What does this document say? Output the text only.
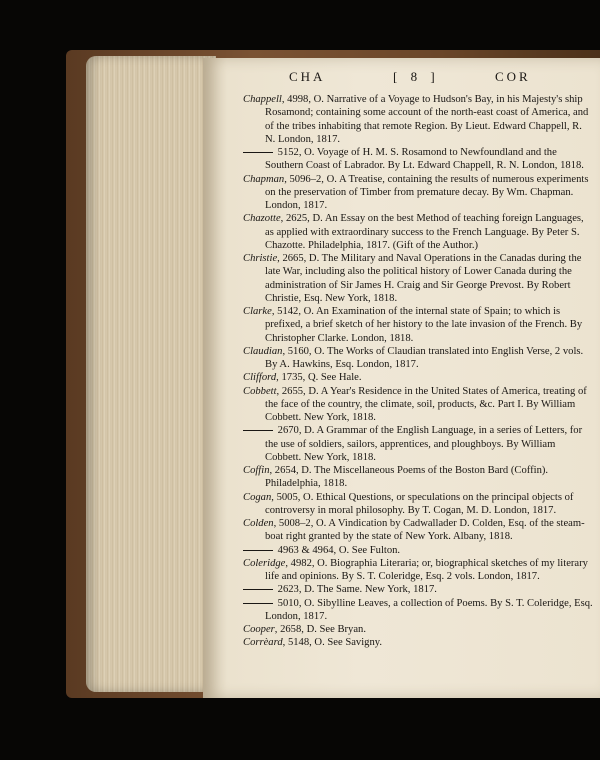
CHA	[ 8 ]	COR
Chappell, 4998, O. Narrative of a Voyage to Hudson's Bay, in his Majesty's ship Rosamond; containing some account of the north-east coast of America, and of the tribes inhabiting that remote Region. By Lieut. Edward Chappell, R. N. London, 1817.
5152, O. Voyage of H. M. S. Rosamond to Newfoundland and the Southern Coast of Labrador. By Lt. Edward Chappell, R. N. London, 1818.
Chapman, 5096–2, O. A Treatise, containing the results of numerous experiments on the preservation of Timber from premature decay. By Wm. Chapman. London, 1817.
Chazotte, 2625, D. An Essay on the best Method of teaching foreign Languages, as applied with extraordinary success to the French Language. By Peter S. Chazotte. Philadelphia, 1817. (Gift of the Author.)
Christie, 2665, D. The Military and Naval Operations in the Canadas during the late War, including also the political history of Lower Canada during the administration of Sir James H. Craig and Sir George Prevost. By Robert Christie, Esq. New York, 1818.
Clarke, 5142, O. An Examination of the internal state of Spain; to which is prefixed, a brief sketch of her history to the late invasion of the French. By Christopher Clarke. London, 1818.
Claudian, 5160, O. The Works of Claudian translated into English Verse, 2 vols. By A. Hawkins, Esq. London, 1817.
Clifford, 1735, Q. See Hale.
Cobbett, 2655, D. A Year's Residence in the United States of America, treating of the face of the country, the climate, soil, products, &c. Part I. By William Cobbett. New York, 1818.
2670, D. A Grammar of the English Language, in a series of Letters, for the use of soldiers, sailors, apprentices, and ploughboys. By William Cobbett. New York, 1818.
Coffin, 2654, D. The Miscellaneous Poems of the Boston Bard (Coffin). Philadelphia, 1818.
Cogan, 5005, O. Ethical Questions, or speculations on the principal objects of controversy in moral philosophy. By T. Cogan, M. D. London, 1817.
Colden, 5008–2, O. A Vindication by Cadwallader D. Colden, Esq. of the steam-boat right granted by the state of New York. Albany, 1818.
4963 & 4964, O. See Fulton.
Coleridge, 4982, O. Biographia Literaria; or, biographical sketches of my literary life and opinions. By S. T. Coleridge, Esq. 2 vols. London, 1817.
2623, D. The Same. New York, 1817.
5010, O. Sibylline Leaves, a collection of Poems. By S. T. Coleridge, Esq. London, 1817.
Cooper, 2658, D. See Bryan.
Corrèard, 5148, O. See Savigny.
